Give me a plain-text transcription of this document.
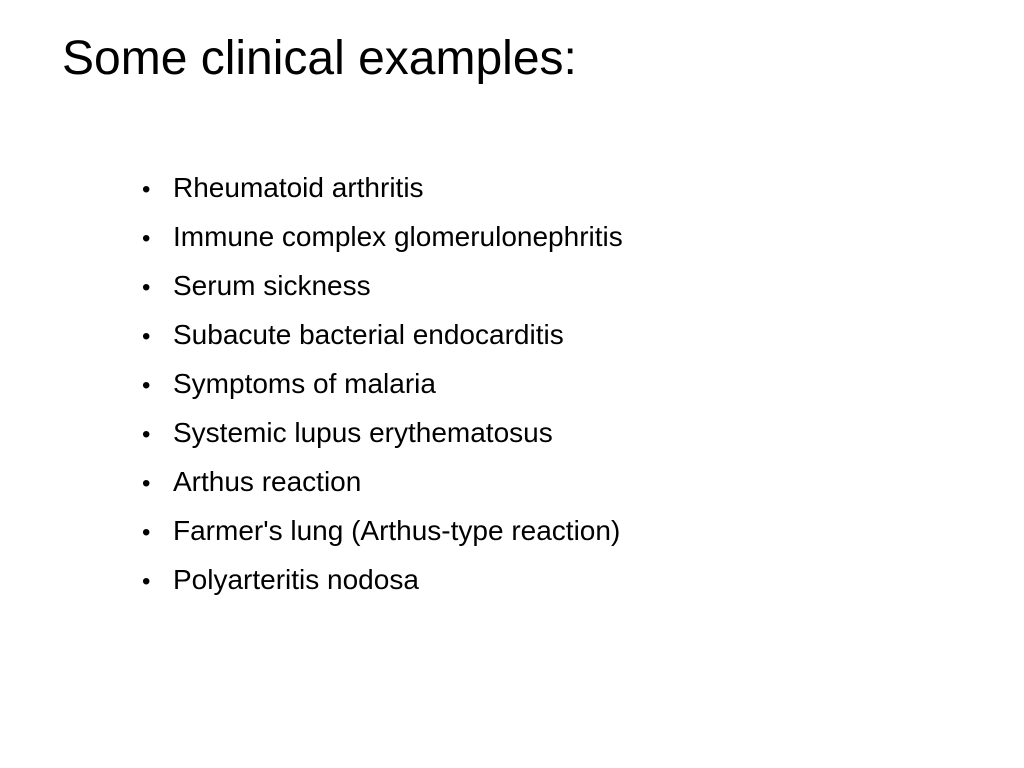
Some clinical examples:
• Rheumatoid arthritis
• Immune complex glomerulonephritis
• Serum sickness
• Subacute bacterial endocarditis
• Symptoms of malaria
• Systemic lupus erythematosus
• Arthus reaction
• Farmer's lung (Arthus-type reaction)
• Polyarteritis nodosa
